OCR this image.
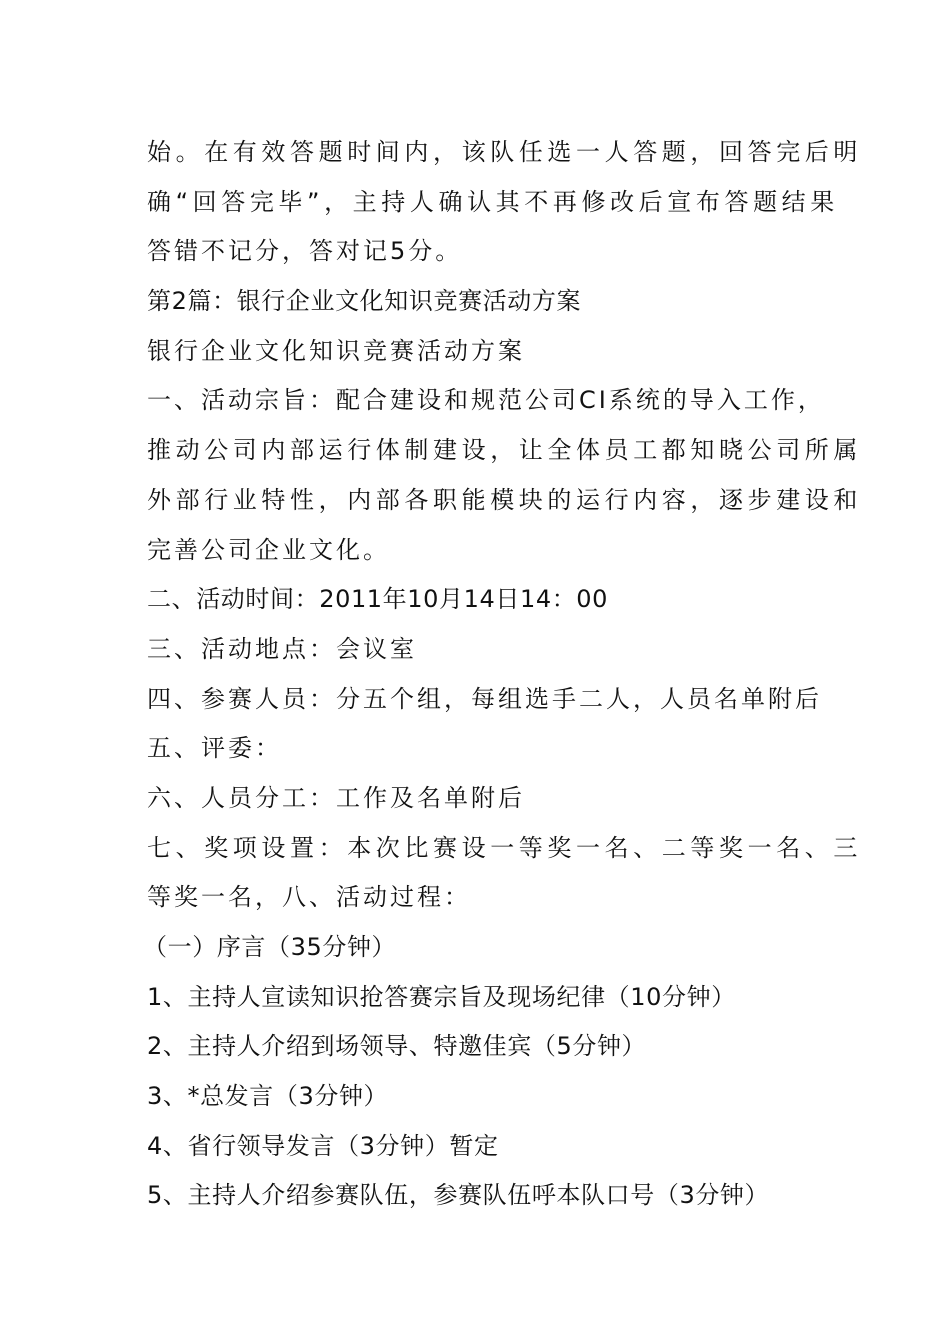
始。在有效答题时间内，该队任选一人答题，回答完后明
确“回答完毕”，主持人确认其不再修改后宣布答题结果
答错不记分，答对记5分。
第2篇：银行企业文化知识竞赛活动方案
银行企业文化知识竞赛活动方案
一、活动宗旨：配合建设和规范公司CI系统的导入工作，
推动公司内部运行体制建设，让全体员工都知晓公司所属
外部行业特性，内部各职能模块的运行内容，逐步建设和
完善公司企业文化。
二、活动时间：2011年10月14日14：00
三、活动地点：会议室
四、参赛人员：分五个组，每组选手二人，人员名单附后
五、评委：
六、人员分工：工作及名单附后
七、奖项设置：本次比赛设一等奖一名、二等奖一名、三
等奖一名，八、活动过程：
（一）序言（35分钟）
1、主持人宣读知识抢答赛宗旨及现场纪律（10分钟）
2、主持人介绍到场领导、特邀佳宾（5分钟）
3、*总发言（3分钟）
4、省行领导发言（3分钟）暂定
5、主持人介绍参赛队伍，参赛队伍呼本队口号（3分钟）
